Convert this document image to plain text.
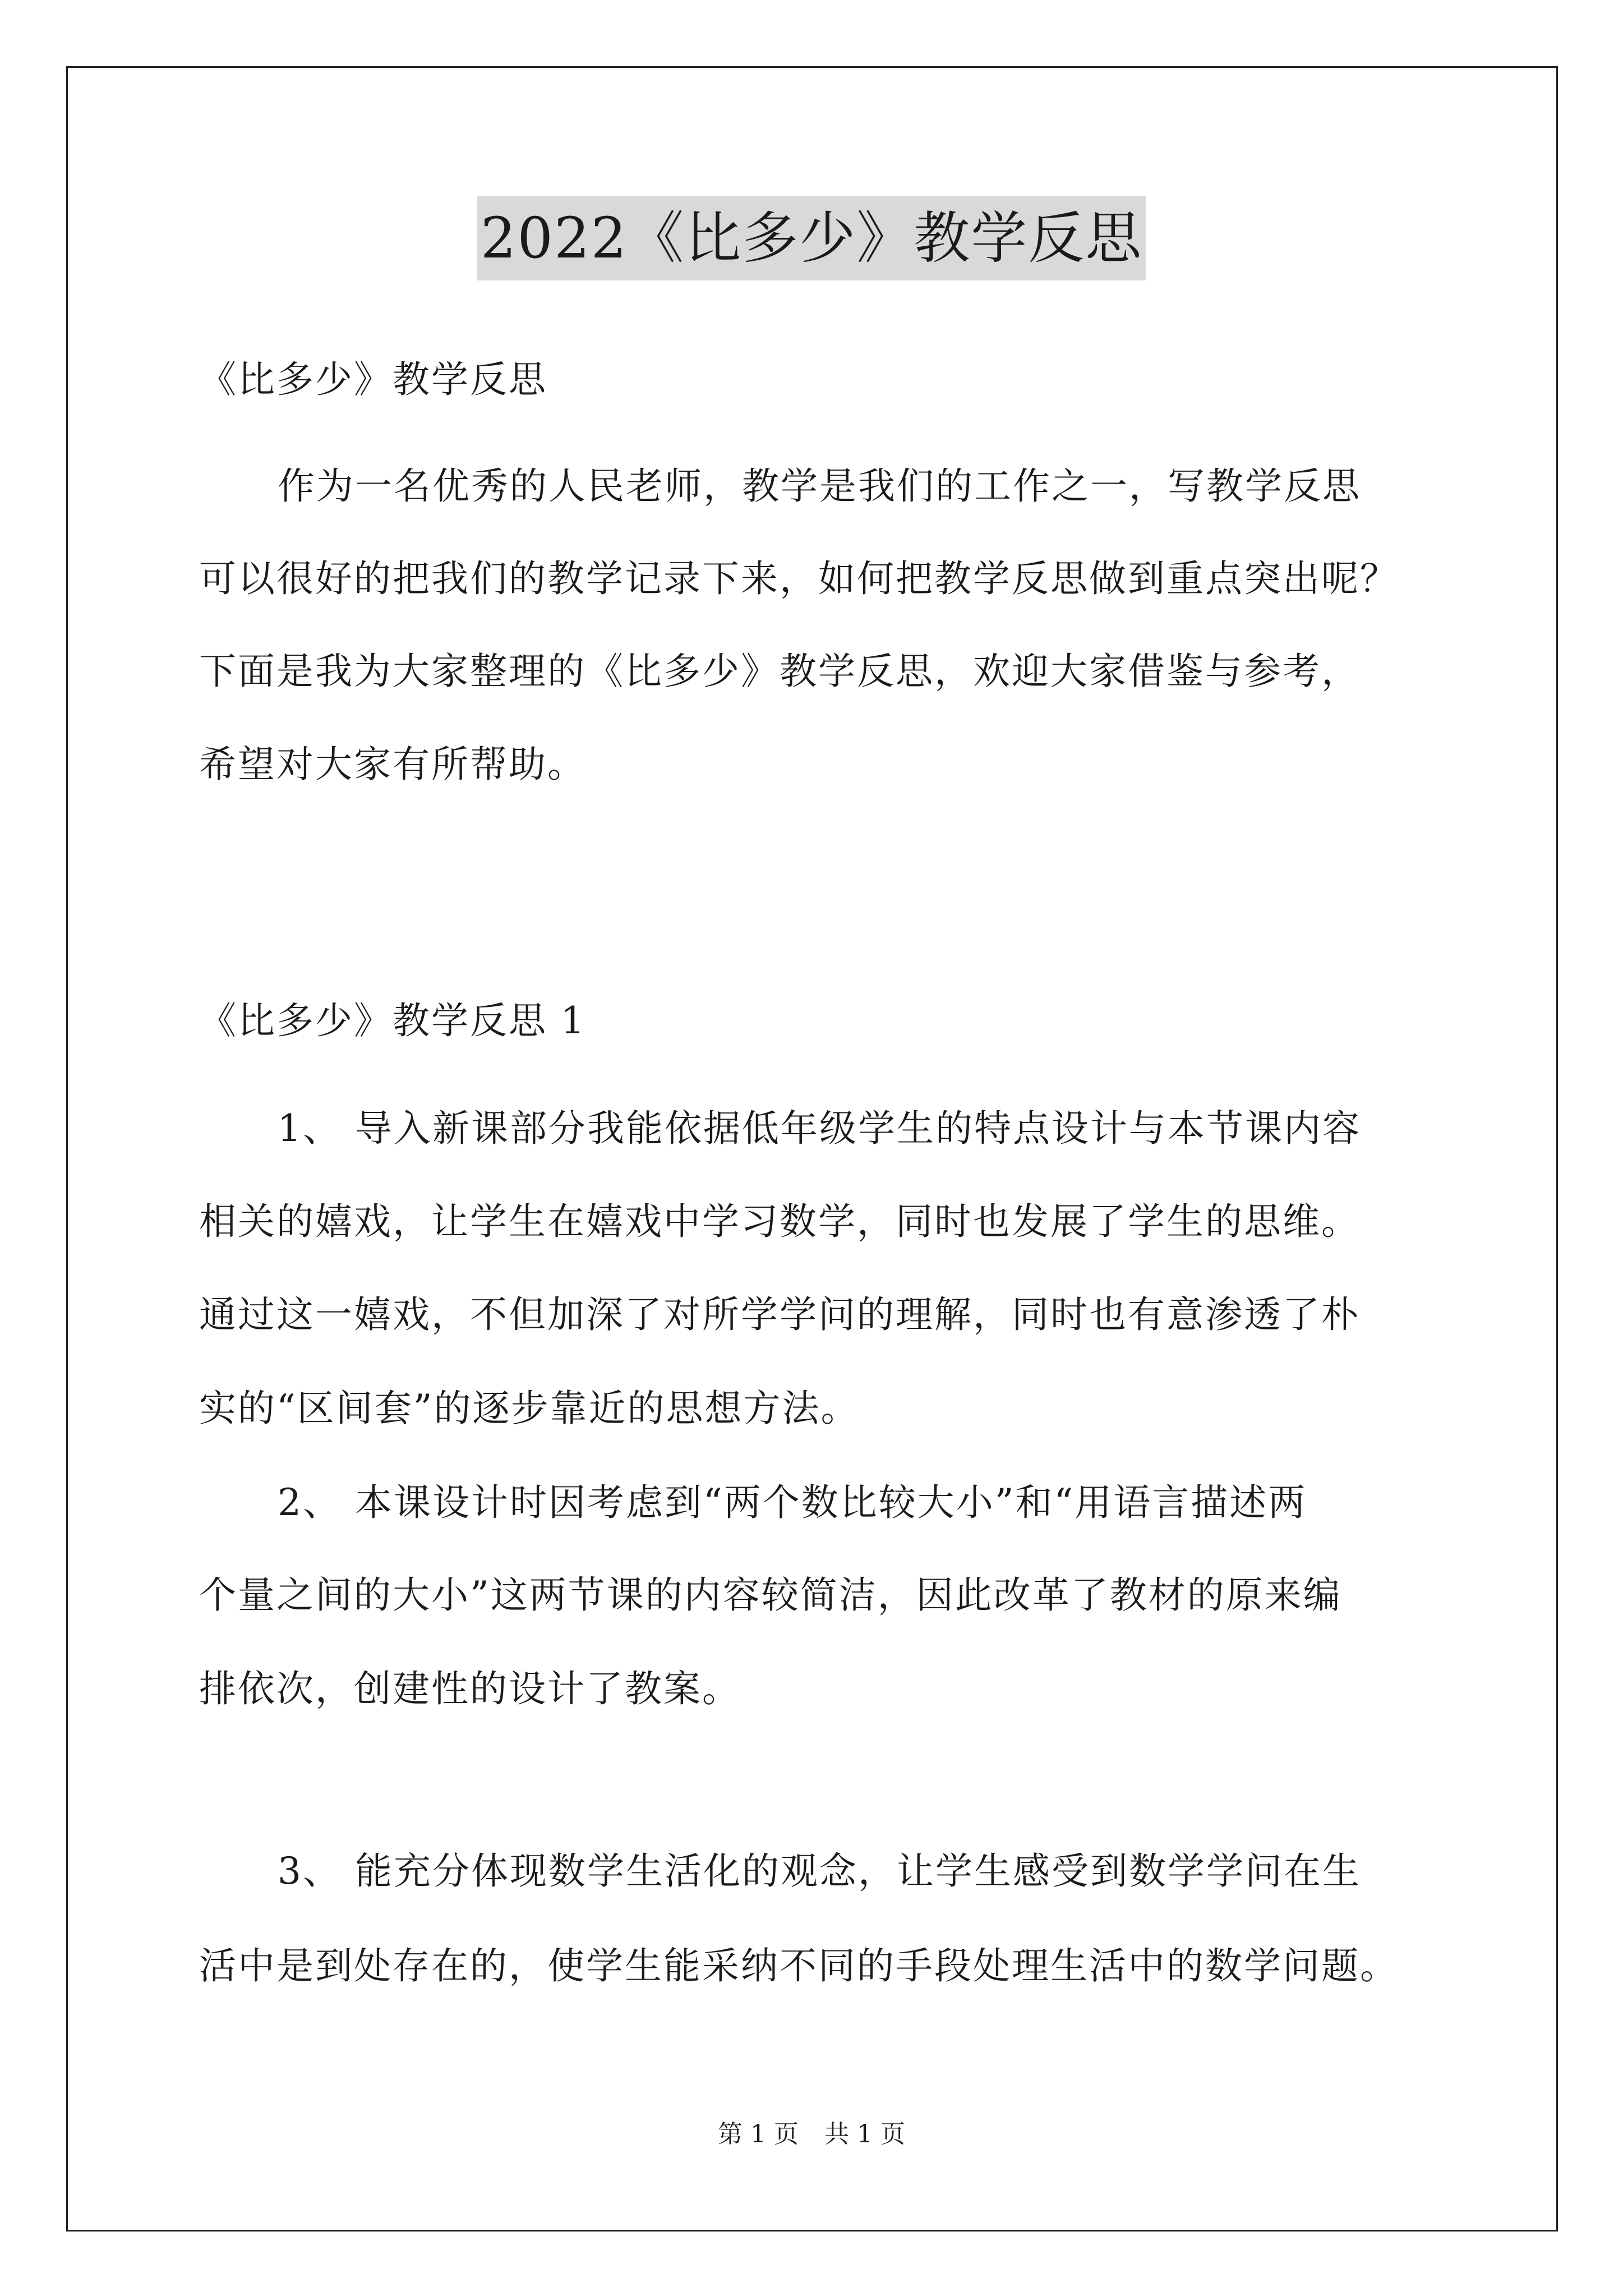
2022《比多少》教学反思
《比多少》教学反思
作为一名优秀的人民老师，教学是我们的工作之一，写教学反思
可以很好的把我们的教学记录下来，如何把教学反思做到重点突出呢？
下面是我为大家整理的《比多少》教学反思，欢迎大家借鉴与参考，
希望对大家有所帮助。
《比多少》教学反思 1
1、 导入新课部分我能依据低年级学生的特点设计与本节课内容
相关的嬉戏，让学生在嬉戏中学习数学，同时也发展了学生的思维。
通过这一嬉戏，不但加深了对所学学问的理解，同时也有意渗透了朴
实的“区间套”的逐步靠近的思想方法。
2、 本课设计时因考虑到“两个数比较大小”和“用语言描述两
个量之间的大小”这两节课的内容较简洁，因此改革了教材的原来编
排依次，创建性的设计了教案。
3、 能充分体现数学生活化的观念，让学生感受到数学学问在生
活中是到处存在的，使学生能采纳不同的手段处理生活中的数学问题。
第 1 页 共 1 页
